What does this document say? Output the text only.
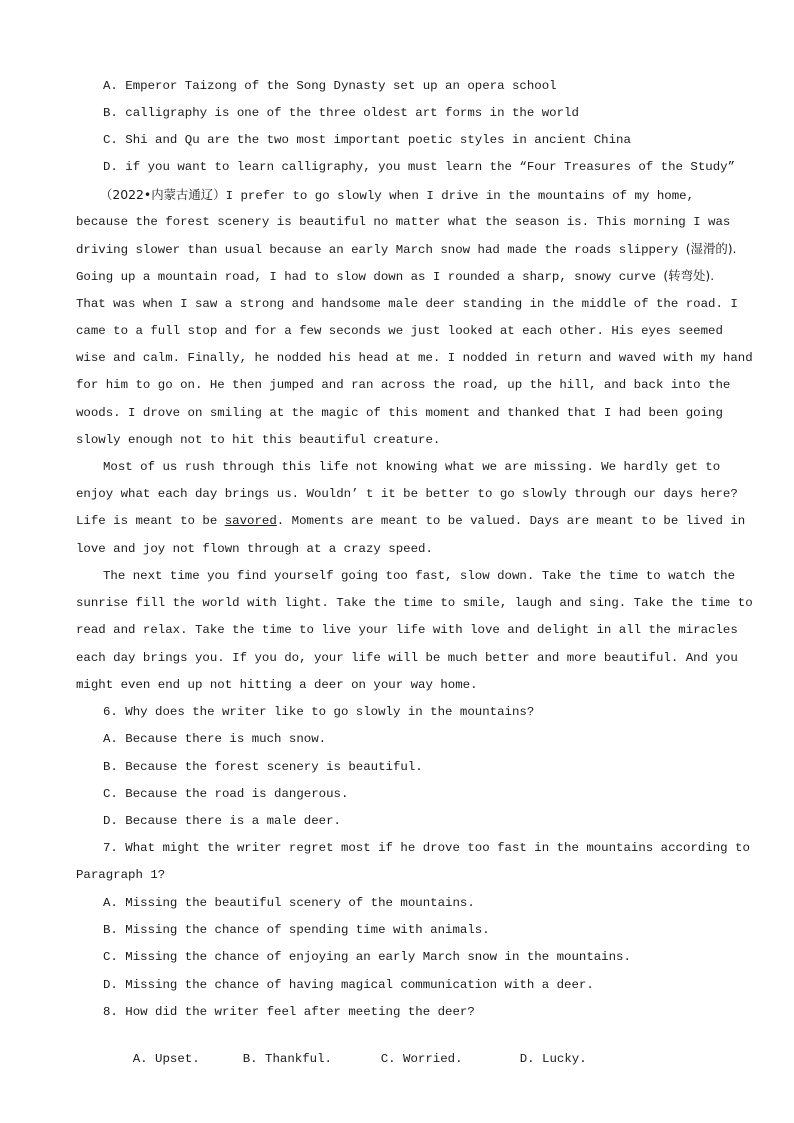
A. Emperor Taizong of the Song Dynasty set up an opera school
B. calligraphy is one of the three oldest art forms in the world
C. Shi and Qu are the two most important poetic styles in ancient China
D. if you want to learn calligraphy, you must learn the “Four Treasures of the Study”
（2022•内蒙古通辽）I prefer to go slowly when I drive in the mountains of my home,
because the forest scenery is beautiful no matter what the season is. This morning I was
driving slower than usual because an early March snow had made the roads slippery (湿滑的).
Going up a mountain road, I had to slow down as I rounded a sharp, snowy curve (转弯处).
That was when I saw a strong and handsome male deer standing in the middle of the road. I
came to a full stop and for a few seconds we just looked at each other. His eyes seemed
wise and calm. Finally, he nodded his head at me. I nodded in return and waved with my hand
for him to go on. He then jumped and ran across the road, up the hill, and back into the
woods. I drove on smiling at the magic of this moment and thanked that I had been going
slowly enough not to hit this beautiful creature.
Most of us rush through this life not knowing what we are missing. We hardly get to
enjoy what each day brings us. Wouldn’ t it be better to go slowly through our days here?
Life is meant to be savored. Moments are meant to be valued. Days are meant to be lived in
love and joy not flown through at a crazy speed.
The next time you find yourself going too fast, slow down. Take the time to watch the
sunrise fill the world with light. Take the time to smile, laugh and sing. Take the time to
read and relax. Take the time to live your life with love and delight in all the miracles
each day brings you. If you do, your life will be much better and more beautiful. And you
might even end up not hitting a deer on your way home.
6. Why does the writer like to go slowly in the mountains?
A. Because there is much snow.
B. Because the forest scenery is beautiful.
C. Because the road is dangerous.
D. Because there is a male deer.
7. What might the writer regret most if he drove too fast in the mountains according to
Paragraph 1?
A. Missing the beautiful scenery of the mountains.
B. Missing the chance of spending time with animals.
C. Missing the chance of enjoying an early March snow in the mountains.
D. Missing the chance of having magical communication with a deer.
8. How did the writer feel after meeting the deer?

A. Upset.	B. Thankful.	C. Worried.	D. Lucky.
